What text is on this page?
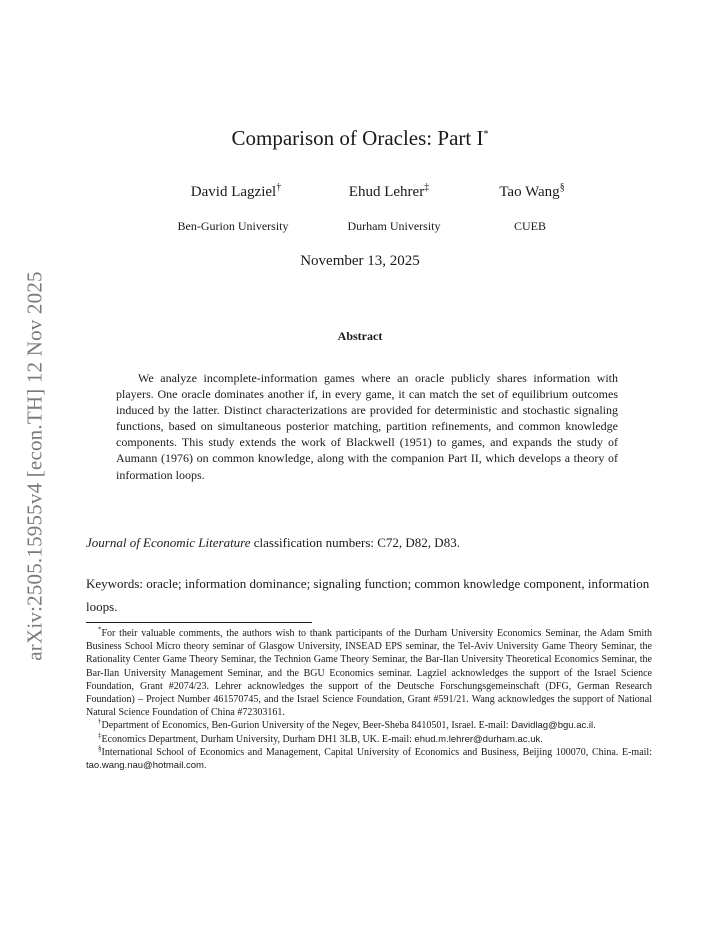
arXiv:2505.15955v4 [econ.TH] 12 Nov 2025
Comparison of Oracles: Part I*
David Lagziel†	Ehud Lehrer‡	Tao Wang§
Ben-Gurion University	Durham University	CUEB
November 13, 2025
Abstract
We analyze incomplete-information games where an oracle publicly shares information with players. One oracle dominates another if, in every game, it can match the set of equilibrium outcomes induced by the latter. Distinct characterizations are provided for deterministic and stochastic signaling functions, based on simultaneous posterior matching, partition refinements, and common knowledge components. This study extends the work of Blackwell (1951) to games, and expands the study of Aumann (1976) on common knowledge, along with the companion Part II, which develops a theory of information loops.
Journal of Economic Literature classification numbers: C72, D82, D83.
Keywords: oracle; information dominance; signaling function; common knowledge component, information loops.

*For their valuable comments, the authors wish to thank participants of the Durham University Economics Seminar, the Adam Smith Business School Micro theory seminar of Glasgow University, INSEAD EPS seminar, the Tel-Aviv University Game Theory Seminar, the Rationality Center Game Theory Seminar, the Technion Game Theory Seminar, the Bar-Ilan University Theoretical Economics Seminar, the Bar-Ilan University Management Seminar, and the BGU Economics seminar. Lagziel acknowledges the support of the Israel Science Foundation, Grant #2074/23. Lehrer acknowledges the support of the Deutsche Forschungsgemeinschaft (DFG, German Research Foundation) – Project Number 461570745, and the Israel Science Foundation, Grant #591/21. Wang acknowledges the support of National Natural Science Foundation of China #72303161.

†Department of Economics, Ben-Gurion University of the Negev, Beer-Sheba 8410501, Israel. E-mail: Davidlag@bgu.ac.il.

‡Economics Department, Durham University, Durham DH1 3LB, UK. E-mail: ehud.m.lehrer@durham.ac.uk.

§International School of Economics and Management, Capital University of Economics and Business, Beijing 100070, China. E-mail: tao.wang.nau@hotmail.com.
